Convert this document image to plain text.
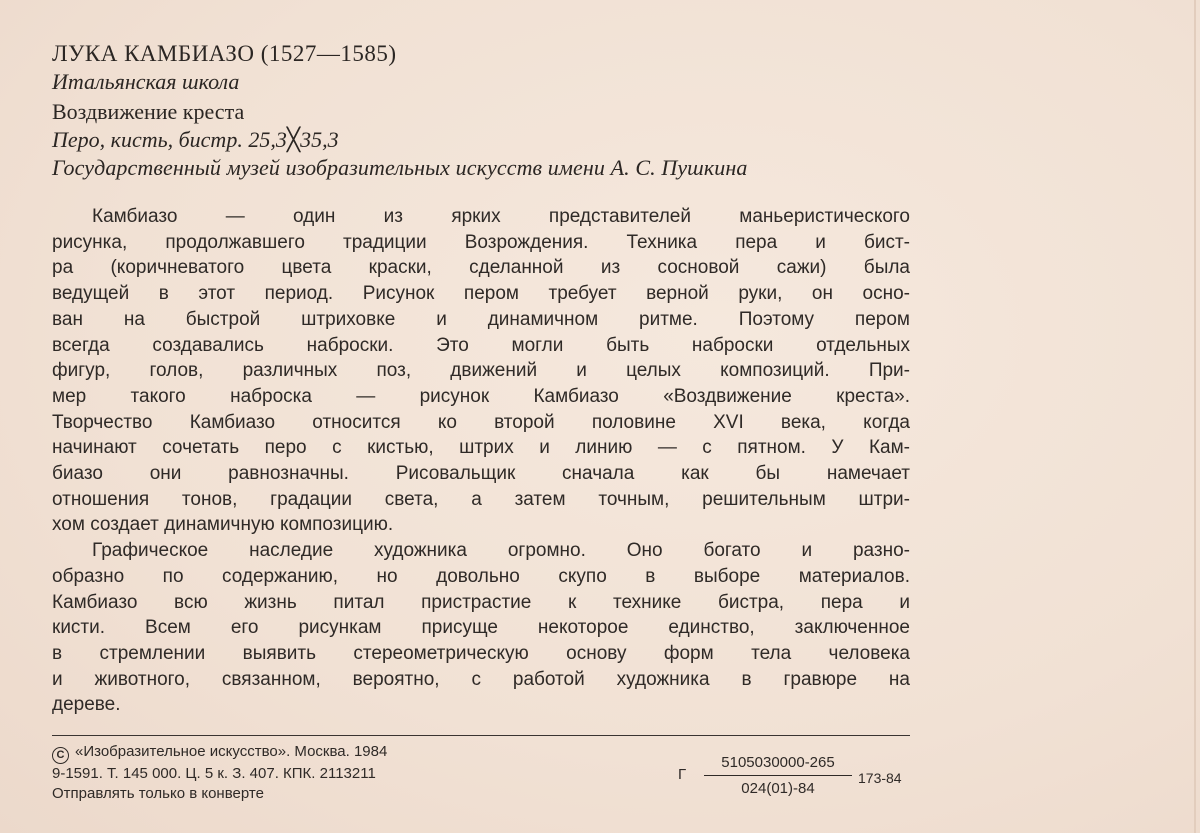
ЛУКА КАМБИАЗО (1527—1585)
Итальянская школа
Воздвижение креста
Перо, кисть, бистр. 25,3╳35,3
Государственный музей изобразительных искусств имени А. С. Пушкина
Камбиазо — один из ярких представителей маньеристического
рисунка, продолжавшего традиции Возрождения. Техника пера и бист-
ра (коричневатого цвета краски, сделанной из сосновой сажи) была
ведущей в этот период. Рисунок пером требует верной руки, он осно-
ван на быстрой штриховке и динамичном ритме. Поэтому пером
всегда создавались наброски. Это могли быть наброски отдельных
фигур, голов, различных поз, движений и целых композиций. При-
мер такого наброска — рисунок Камбиазо «Воздвижение креста».
Творчество Камбиазо относится ко второй половине XVI века, когда
начинают сочетать перо с кистью, штрих и линию — с пятном. У Кам-
биазо они равнозначны. Рисовальщик сначала как бы намечает
отношения тонов, градации света, а затем точным, решительным штри-
хом создает динамичную композицию.
Графическое наследие художника огромно. Оно богато и разно-
образно по содержанию, но довольно скупо в выборе материалов.
Камбиазо всю жизнь питал пристрастие к технике бистра, пера и
кисти. Всем его рисункам присуще некоторое единство, заключенное
в стремлении выявить стереометрическую основу форм тела человека
и животного, связанном, вероятно, с работой художника в гравюре на
дереве.
C «Изобразительное искусство». Москва. 1984
9-1591. Т. 145 000. Ц. 5 к. З. 407. КПК. 2113211
Отправлять только в конверте
Г
5105030000-265
024(01)-84
173-84
